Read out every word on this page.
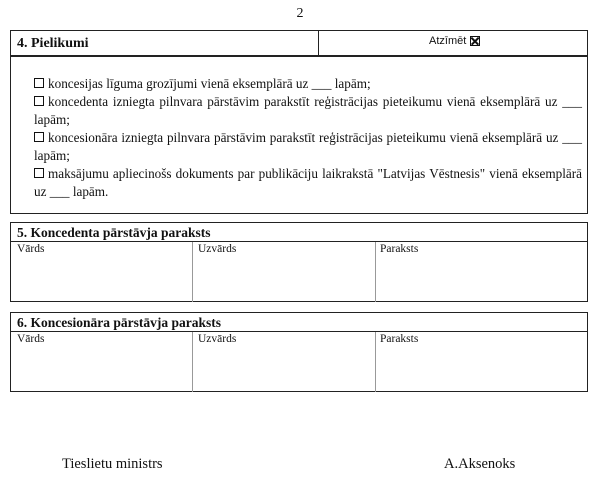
2
4. Pielikumi	Atzīmēt

koncesijas līguma grozījumi vienā eksemplārā uz ___ lapām;

koncedenta izniegta pilnvara pārstāvim parakstīt reģistrācijas pieteikumu vienā eksemplārā uz ___ lapām;

koncesionāra izniegta pilnvara pārstāvim parakstīt reģistrācijas pieteikumu vienā eksemplārā uz ___ lapām;

maksājumu apliecinošs dokuments par publikāciju laikrakstā "Latvijas Vēstnesis" vienā eksemplārā uz ___ lapām.

5. Koncedenta pārstāvja paraksts
Vārds	Uzvārds	Paraksts
6. Koncesionāra pārstāvja paraksts
Vārds	Uzvārds	Paraksts
Tieslietu ministrs	A.Aksenoks
